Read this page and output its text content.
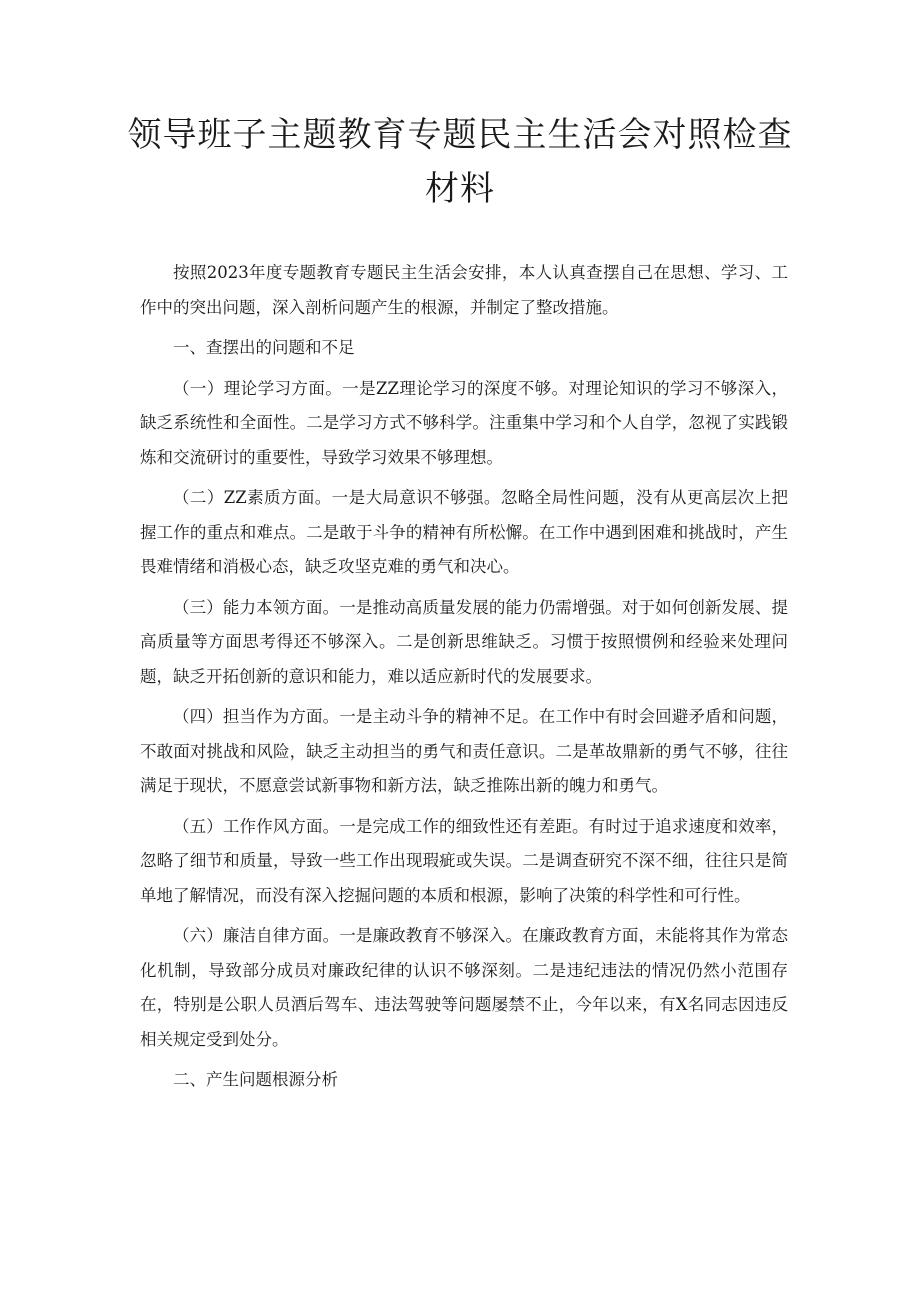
领导班子主题教育专题民主生活会对照检查材料

按照2023年度专题教育专题民主生活会安排，本人认真查摆自己在思想、学习、工作中的突出问题，深入剖析问题产生的根源，并制定了整改措施。

一、查摆出的问题和不足

（一）理论学习方面。一是ZZ理论学习的深度不够。对理论知识的学习不够深入，缺乏系统性和全面性。二是学习方式不够科学。注重集中学习和个人自学，忽视了实践锻炼和交流研讨的重要性，导致学习效果不够理想。

（二）ZZ素质方面。一是大局意识不够强。忽略全局性问题，没有从更高层次上把握工作的重点和难点。二是敢于斗争的精神有所松懈。在工作中遇到困难和挑战时，产生畏难情绪和消极心态，缺乏攻坚克难的勇气和决心。

（三）能力本领方面。一是推动高质量发展的能力仍需增强。对于如何创新发展、提高质量等方面思考得还不够深入。二是创新思维缺乏。习惯于按照惯例和经验来处理问题，缺乏开拓创新的意识和能力，难以适应新时代的发展要求。

（四）担当作为方面。一是主动斗争的精神不足。在工作中有时会回避矛盾和问题，不敢面对挑战和风险，缺乏主动担当的勇气和责任意识。二是革故鼎新的勇气不够，往往满足于现状，不愿意尝试新事物和新方法，缺乏推陈出新的魄力和勇气。

（五）工作作风方面。一是完成工作的细致性还有差距。有时过于追求速度和效率，忽略了细节和质量，导致一些工作出现瑕疵或失误。二是调查研究不深不细，往往只是简单地了解情况，而没有深入挖掘问题的本质和根源，影响了决策的科学性和可行性。

（六）廉洁自律方面。一是廉政教育不够深入。在廉政教育方面，未能将其作为常态化机制，导致部分成员对廉政纪律的认识不够深刻。二是违纪违法的情况仍然小范围存在，特别是公职人员酒后驾车、违法驾驶等问题屡禁不止，今年以来，有X名同志因违反相关规定受到处分。

二、产生问题根源分析
